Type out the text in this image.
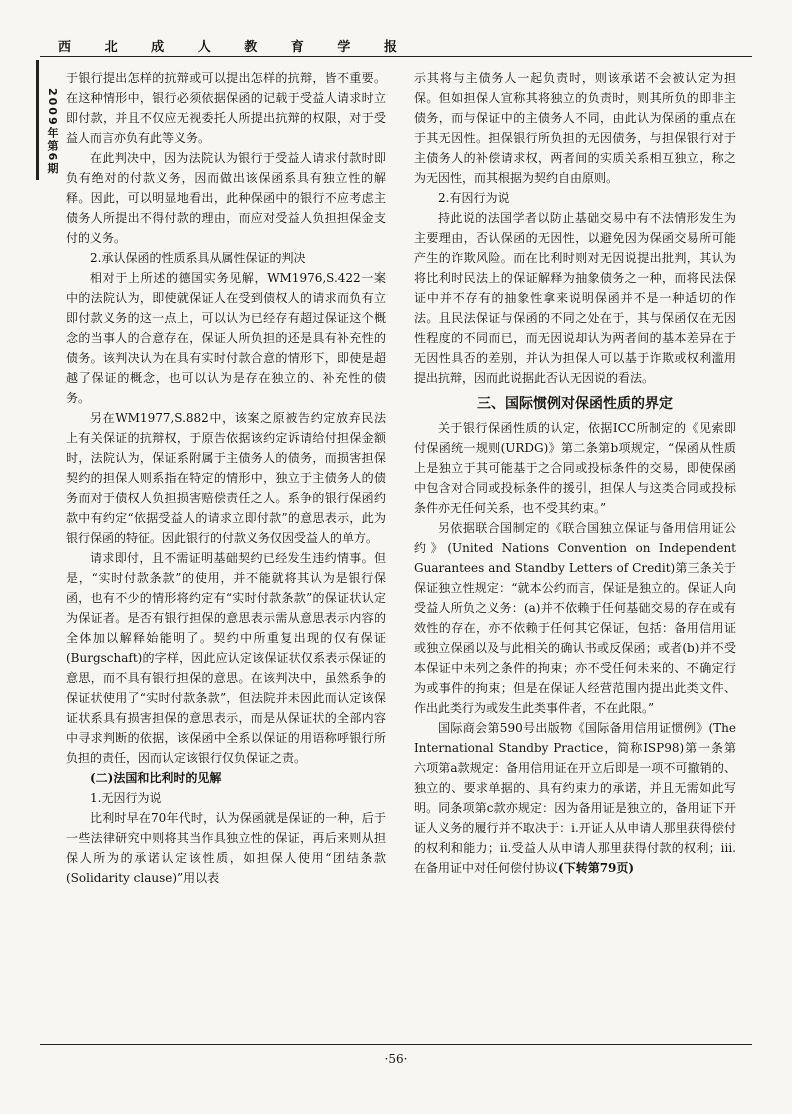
西	北	成	人	教	育	学	报
2009年第6期

于银行提出怎样的抗辩或可以提出怎样的抗辩，皆不重要。在这种情形中，银行必须依据保函的记载于受益人请求时立即付款，并且不仅应无视委托人所提出抗辩的权限，对于受益人而言亦负有此等义务。

在此判决中，因为法院认为银行于受益人请求付款时即负有绝对的付款义务，因而做出该保函系具有独立性的解释。因此，可以明显地看出，此种保函中的银行不应考虑主债务人所提出不得付款的理由，而应对受益人负担担保金支付的义务。

2.承认保函的性质系具从属性保证的判决

相对于上所述的德国实务见解，WM1976,S.422一案中的法院认为，即使就保证人在受到债权人的请求而负有立即付款义务的这一点上，可以认为已经存有超过保证这个概念的当事人的合意存在，保证人所负担的还是具有补充性的债务。该判决认为在具有实时付款合意的情形下，即使是超越了保证的概念，也可以认为是存在独立的、补充性的债务。

另在WM1977,S.882中，该案之原被告约定放弃民法上有关保证的抗辩权，于原告依据该约定诉请给付担保金额时，法院认为，保证系附属于主债务人的债务，而损害担保契约的担保人则系指在特定的情形中，独立于主债务人的债务而对于债权人负担损害赔偿责任之人。系争的银行保函约款中有约定“依据受益人的请求立即付款”的意思表示，此为银行保函的特征。因此银行的付款义务仅因受益人的单方。

请求即付，且不需证明基础契约已经发生违约情事。但是，“实时付款条款”的使用，并不能就将其认为是银行保函，也有不少的情形将约定有“实时付款条款”的保证状认定为保证者。是否有银行担保的意思表示需从意思表示内容的全体加以解释始能明了。契约中所重复出现的仅有保证(Burgschaft)的字样，因此应认定该保证状仅系表示保证的意思，而不具有银行担保的意思。在该判决中，虽然系争的保证状使用了“实时付款条款”，但法院并未因此而认定该保证状系具有损害担保的意思表示，而是从保证状的全部内容中寻求判断的依据，该保函中全系以保证的用语称呼银行所负担的责任，因而认定该银行仅负保证之责。

(二)法国和比利时的见解

1.无因行为说

比利时早在70年代时，认为保函就是保证的一种，后于一些法律研究中则将其当作具独立性的保证，再后来则从担保人所为的承诺认定该性质，如担保人使用“团结条款(Solidarity clause)”用以表

示其将与主债务人一起负责时，则该承诺不会被认定为担保。但如担保人宣称其将独立的负责时，则其所负的即非主债务，而与保证中的主债务人不同，由此认为保函的重点在于其无因性。担保银行所负担的无因债务，与担保银行对于主债务人的补偿请求权，两者间的实质关系相互独立，称之为无因性，而其根据为契约自由原则。

2.有因行为说

持此说的法国学者以防止基础交易中有不法情形发生为主要理由，否认保函的无因性，以避免因为保函交易所可能产生的诈欺风险。而在比利时则对无因说提出批判，其认为将比利时民法上的保证解释为抽象债务之一种，而将民法保证中并不存有的抽象性拿来说明保函并不是一种适切的作法。且民法保证与保函的不同之处在于，其与保函仅在无因性程度的不同而已，而无因说却认为两者间的基本差异在于无因性具否的差别，并认为担保人可以基于诈欺或权利滥用提出抗辩，因而此说据此否认无因说的看法。

三、国际惯例对保函性质的界定

关于银行保函性质的认定，依据ICC所制定的《见索即付保函统一规则(URDG)》第二条第b项规定，“保函从性质上是独立于其可能基于之合同或投标条件的交易，即使保函中包含对合同或投标条件的援引，担保人与这类合同或投标条件亦无任何关系，也不受其约束。”

另依据联合国制定的《联合国独立保证与备用信用证公约》(United Nations Convention on Independent Guarantees and Standby Letters of Credit)第三条关于保证独立性规定：“就本公约而言，保证是独立的。保证人向受益人所负之义务：(a)并不依赖于任何基础交易的存在或有效性的存在，亦不依赖于任何其它保证，包括：备用信用证或独立保函以及与此相关的确认书或反保函；或者(b)并不受本保证中未列之条件的拘束；亦不受任何未来的、不确定行为或事件的拘束；但是在保证人经营范围内提出此类文件、作出此类行为或发生此类事件者，不在此限。”

国际商会第590号出版物《国际备用信用证惯例》(The International Standby Practice，简称ISP98)第一条第六项第a款规定：备用信用证在开立后即是一项不可撤销的、独立的、要求单据的、具有约束力的承诺，并且无需如此写明。同条项第c款亦规定：因为备用证是独立的，备用证下开证人义务的履行并不取决于：i.开证人从申请人那里获得偿付的权利和能力；ii.受益人从申请人那里获得付款的权利；iii.在备用证中对任何偿付协议(下转第79页)

·56·
